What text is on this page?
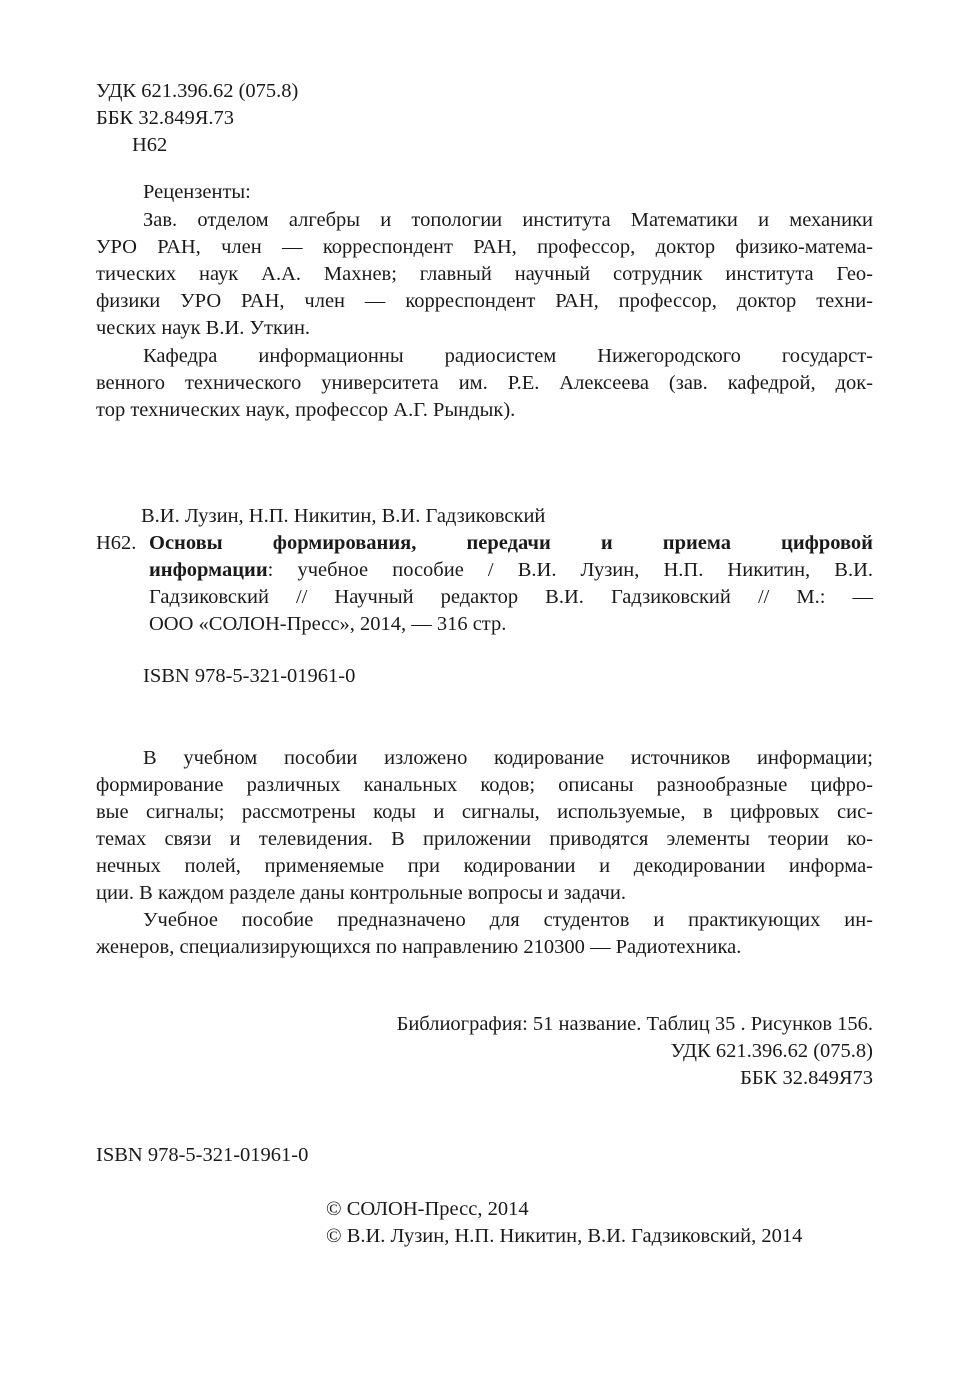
УДК 621.396.62 (075.8)

ББК 32.849Я.73

Н62

Рецензенты:

Зав. отделом алгебры и топологии института Математики и механики
УРО РАН, член — корреспондент РАН, профессор, доктор физико-матема-
тических наук А.А. Махнев; главный научный сотрудник института Гео-
физики УРО РАН, член — корреспондент РАН, профессор, доктор техни-
ческих наук В.И. Уткин.
Кафедра информационны радиосистем Нижегородского государст-
венного технического университета им. Р.Е. Алексеева (зав. кафедрой, док-
тор технических наук, профессор А.Г. Рындык).

В.И. Лузин, Н.П. Никитин, В.И. Гадзиковский

Н62. Основы формирования, передачи и приема цифровой
информации : учебное пособие / В.И. Лузин, Н.П. Никитин, В.И.
Гадзиковский // Научный редактор В.И. Гадзиковский // М.: —
ООО «СОЛОН-Пресс», 2014, — 316 стр.

ISBN 978-5-321-01961-0

В учебном пособии изложено кодирование источников информации;
формирование различных канальных кодов; описаны разнообразные цифро-
вые сигналы; рассмотрены коды и сигналы, используемые, в цифровых сис-
темах связи и телевидения. В приложении приводятся элементы теории ко-
нечных полей, применяемые при кодировании и декодировании информа-
ции. В каждом разделе даны контрольные вопросы и задачи.
Учебное пособие предназначено для студентов и практикующих ин-
женеров, специализирующихся по направлению 210300 — Радиотехника.

Библиография: 51 название. Таблиц 35 . Рисунков 156.

УДК 621.396.62 (075.8)

ББК 32.849Я73

ISBN 978-5-321-01961-0

© СОЛОН-Пресс, 2014

© В.И. Лузин, Н.П. Никитин, В.И. Гадзиковский, 2014
